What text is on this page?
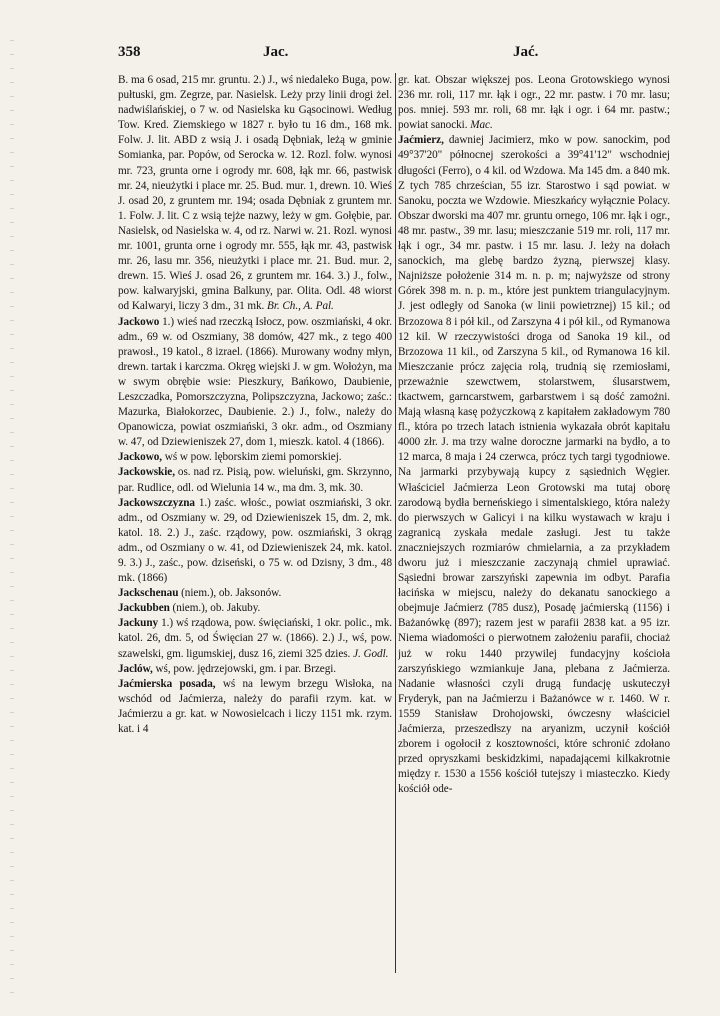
358	Jac.	Jać.

B. ma 6 osad, 215 mr. gruntu. 2.) J., wś niedaleko Buga, pow. pułtuski, gm. Zegrze, par. Nasielsk. Leży przy linii drogi żel. nadwiślańskiej, o 7 w. od Nasielska ku Gąsocinowi. Według Tow. Kred. Ziemskiego w 1827 r. było tu 16 dm., 168 mk. Folw. J. lit. ABD z wsią J. i osadą Dębniak, leżą w gminie Somianka, par. Popów, od Serocka w. 12. Rozl. folw. wynosi mr. 723, grunta orne i ogrody mr. 608, łąk mr. 66, pastwisk mr. 24, nieużytki i place mr. 25. Bud. mur. 1, drewn. 10. Wieś J. osad 20, z gruntem mr. 194; osada Dębniak z gruntem mr. 1. Folw. J. lit. C z wsią tejże nazwy, leży w gm. Gołębie, par. Nasielsk, od Nasielska w. 4, od rz. Narwi w. 21. Rozl. wynosi mr. 1001, grunta orne i ogrody mr. 555, łąk mr. 43, pastwisk mr. 26, lasu mr. 356, nieużytki i place mr. 21. Bud. mur. 2, drewn. 15. Wieś J. osad 26, z gruntem mr. 164. 3.) J., folw., pow. kalwaryjski, gmina Balkuny, par. Olita. Odl. 48 wiorst od Kalwaryi, liczy 3 dm., 31 mk. Br. Ch., A. Pal.

Jackowo 1.) wieś nad rzeczką Isłocz, pow. oszmiański, 4 okr. adm., 69 w. od Oszmiany, 38 domów, 427 mk., z tego 400 prawosł., 19 katol., 8 izrael. (1866). Murowany wodny młyn, drewn. tartak i karczma. Okręg wiejski J. w gm. Wołożyn, ma w swym obrębie wsie: Pieszkury, Bańkowo, Daubienie, Leszczadka, Pomorszczyzna, Polipszczyzna, Jackowo; zaśc.: Mazurka, Białokorzec, Daubienie. 2.) J., folw., należy do Opanowicza, powiat oszmiański, 3 okr. adm., od Oszmiany w. 47, od Dziewieniszek 27, dom 1, mieszk. katol. 4 (1866).

Jackowo, wś w pow. lęborskim ziemi pomorskiej.

Jackowskie, os. nad rz. Pisią, pow. wieluński, gm. Skrzynno, par. Rudlice, odl. od Wielunia 14 w., ma dm. 3, mk. 30.

Jackowszczyzna 1.) zaśc. włośc., powiat oszmiański, 3 okr. adm., od Oszmiany w. 29, od Dziewieniszek 15, dm. 2, mk. katol. 18. 2.) J., zaśc. rządowy, pow. oszmiański, 3 okrąg adm., od Oszmiany o w. 41, od Dziewieniszek 24, mk. katol. 9. 3.) J., zaśc., pow. dziseński, o 75 w. od Dzisny, 3 dm., 48 mk. (1866)

Jackschenau (niem.), ob. Jaksonów.

Jackubben (niem.), ob. Jakuby.

Jackuny 1.) wś rządowa, pow. święciański, 1 okr. polic., mk. katol. 26, dm. 5, od Święcian 27 w. (1866). 2.) J., wś, pow. szawelski, gm. ligumskiej, dusz 16, ziemi 325 dzies. J. Godl.

Jaclów, wś, pow. jędrzejowski, gm. i par. Brzegi.

Jaćmierska posada, wś na lewym brzegu Wisłoka, na wschód od Jaćmierza, należy do parafii rzym. kat. w Jaćmierzu a gr. kat. w Nowosielcach i liczy 1151 mk. rzym. kat. i 4

gr. kat. Obszar większej pos. Leona Grotowskiego wynosi 236 mr. roli, 117 mr. łąk i ogr., 22 mr. pastw. i 70 mr. lasu; pos. mniej. 593 mr. roli, 68 mr. łąk i ogr. i 64 mr. pastw.; powiat sanocki. Mac.

Jaćmierz, dawniej Jacimierz, mko w pow. sanockim, pod 49°37'20" północnej szerokości a 39°41'12" wschodniej długości (Ferro), o 4 kil. od Wzdowa. Ma 145 dm. a 840 mk. Z tych 785 chrześcian, 55 izr. Starostwo i sąd powiat. w Sanoku, poczta we Wzdowie. Mieszkańcy wyłącznie Polacy. Obszar dworski ma 407 mr. gruntu ornego, 106 mr. łąk i ogr., 48 mr. pastw., 39 mr. lasu; mieszczanie 519 mr. roli, 117 mr. łąk i ogr., 34 mr. pastw. i 15 mr. lasu. J. leży na dołach sanockich, ma glebę bardzo żyzną, pierwszej klasy. Najniższe położenie 314 m. n. p. m; najwyższe od strony Górek 398 m. n. p. m., które jest punktem triangulacyjnym. J. jest odległy od Sanoka (w linii powietrznej) 15 kil.; od Brzozowa 8 i pół kil., od Zarszyna 4 i pół kil., od Rymanowa 12 kil. W rzeczywistości droga od Sanoka 19 kil., od Brzozowa 11 kil., od Zarszyna 5 kil., od Rymanowa 16 kil. Mieszczanie prócz zajęcia rolą, trudnią się rzemiosłami, przeważnie szewctwem, stolarstwem, ślusarstwem, tkactwem, garncarstwem, garbarstwem i są dość zamożni. Mają własną kasę pożyczkową z kapitałem zakładowym 780 fl., która po trzech latach istnienia wykazała obrót kapitału 4000 złr. J. ma trzy walne doroczne jarmarki na bydło, a to 12 marca, 8 maja i 24 czerwca, prócz tych targi tygodniowe. Na jarmarki przybywają kupcy z sąsiednich Węgier. Właściciel Jaćmierza Leon Grotowski ma tutaj oborę zarodową bydła berneńskiego i simentalskiego, która należy do pierwszych w Galicyi i na kilku wystawach w kraju i zagranicą zyskała medale zasługi. Jest tu także znaczniejszych rozmiarów chmielarnia, a za przykładem dworu już i mieszczanie zaczynają chmiel uprawiać. Sąsiedni browar zarszyński zapewnia im odbyt. Parafia łacińska w miejscu, należy do dekanatu sanockiego a obejmuje Jaćmierz (785 dusz), Posadę jaćmierską (1156) i Bażanówkę (897); razem jest w parafii 2838 kat. a 95 izr. Niema wiadomości o pierwotnem założeniu parafii, chociaż już w roku 1440 przywilej fundacyjny kościoła zarszyńskiego wzmiankuje Jana, plebana z Jaćmierza. Nadanie własności czyli drugą fundację uskuteczył Fryderyk, pan na Jaćmierzu i Bażanówce w r. 1460. W r. 1559 Stanisław Drohojowski, ówczesny właściciel Jaćmierza, przeszedłszy na aryanizm, uczynił kościół zborem i ogołocił z kosztowności, które schronić zdołano przed opryszkami beskidzkimi, napadającemi kilkakrotnie między r. 1530 a 1556 kościół tutejszy i miasteczko. Kiedy kościół ode-
